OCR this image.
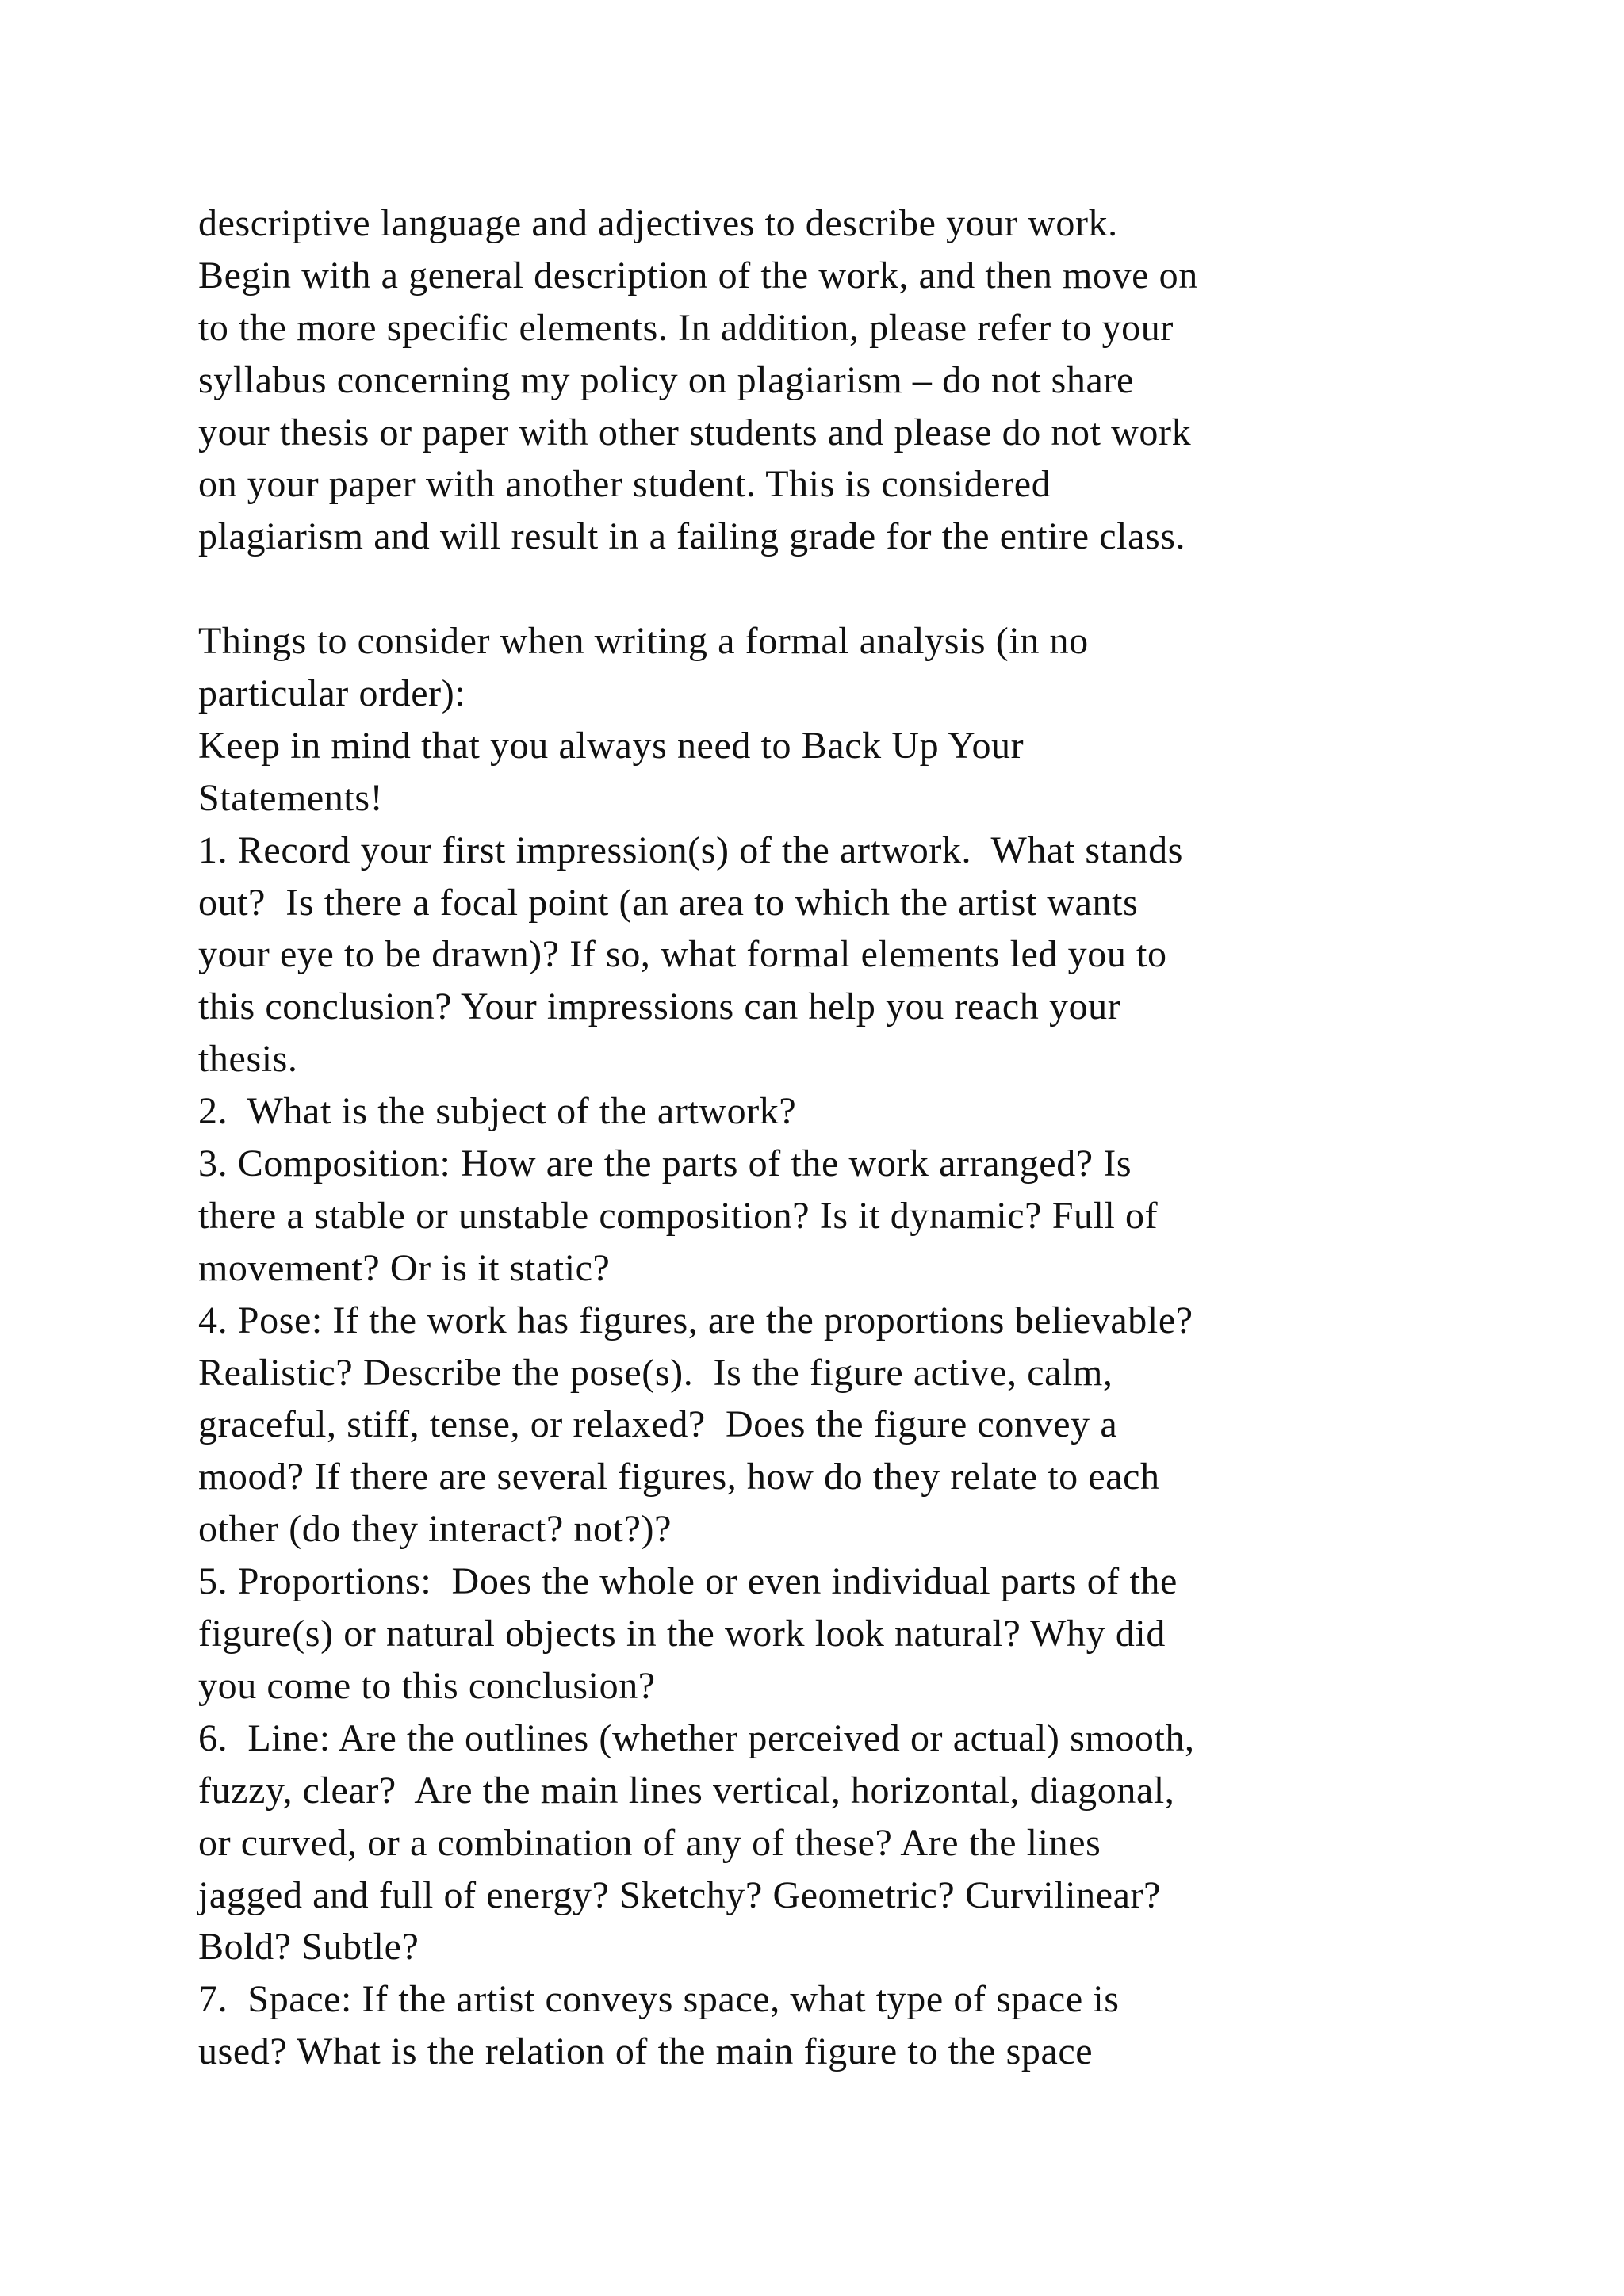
descriptive language and adjectives to describe your work.
Begin with a general description of the work, and then move on
to the more specific elements. In addition, please refer to your
syllabus concerning my policy on plagiarism – do not share
your thesis or paper with other students and please do not work
on your paper with another student. This is considered
plagiarism and will result in a failing grade for the entire class.
Things to consider when writing a formal analysis (in no
particular order):
Keep in mind that you always need to Back Up Your
Statements!
1. Record your first impression(s) of the artwork.  What stands
out?  Is there a focal point (an area to which the artist wants
your eye to be drawn)? If so, what formal elements led you to
this conclusion? Your impressions can help you reach your
thesis.
2.  What is the subject of the artwork?
3. Composition: How are the parts of the work arranged? Is
there a stable or unstable composition? Is it dynamic? Full of
movement? Or is it static?
4. Pose: If the work has figures, are the proportions believable?
Realistic? Describe the pose(s).  Is the figure active, calm,
graceful, stiff, tense, or relaxed?  Does the figure convey a
mood? If there are several figures, how do they relate to each
other (do they interact? not?)?
5. Proportions:  Does the whole or even individual parts of the
figure(s) or natural objects in the work look natural? Why did
you come to this conclusion?
6.  Line: Are the outlines (whether perceived or actual) smooth,
fuzzy, clear?  Are the main lines vertical, horizontal, diagonal,
or curved, or a combination of any of these? Are the lines
jagged and full of energy? Sketchy? Geometric? Curvilinear?
Bold? Subtle?
7.  Space: If the artist conveys space, what type of space is
used? What is the relation of the main figure to the space
